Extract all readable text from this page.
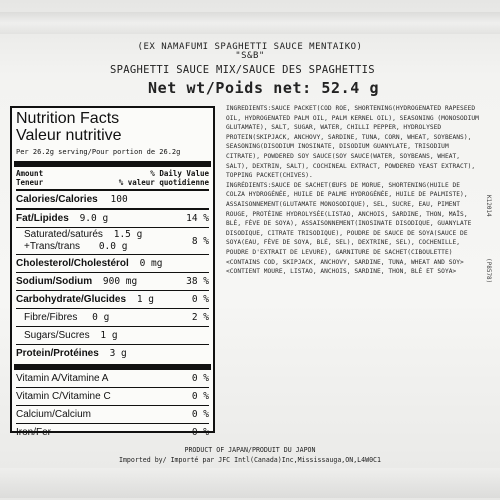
(EX NAMAFUMI SPAGHETTI SAUCE MENTAIKO)
"S&B"
SPAGHETTI SAUCE MIX/SAUCE DES SPAGHETTIS
Net wt/Poids net: 52.4 g
Nutrition Facts
Valeur nutritive
Per 26.2g serving/Pour portion de 26.2g
Amount
Teneur
% Daily Value
% valeur quotidienne
Calories/Calories 100
Fat/Lipides 9.0 g	14 %
Saturated/saturés 1.5 g
+Trans/trans 0.0 g	8 %
Cholesterol/Cholestérol 0 mg
Sodium/Sodium 900 mg	38 %
Carbohydrate/Glucides 1 g	0 %
Fibre/Fibres 0 g	2 %
Sugars/Sucres 1 g
Protein/Protéines 3 g
Vitamin A/Vitamine A	0 %
Vitamin C/Vitamine C	0 %
Calcium/Calcium	0 %
Iron/Fer	0 %

INGREDIENTS:SAUCE PACKET(COD ROE, SHORTENING(HYDROGENATED RAPESEED OIL, HYDROGENATED PALM OIL, PALM KERNEL OIL), SEASONING (MONOSODIUM GLUTAMATE), SALT, SUGAR, WATER, CHILLI PEPPER, HYDROLYSED PROTEIN(SKIPJACK, ANCHOVY, SARDINE, TUNA, CORN, WHEAT, SOYBEANS), SEASONING(DISODIUM INOSINATE, DISODIUM GUANYLATE, TRISODIUM CITRATE), POWDERED SOY SAUCE(SOY SAUCE(WATER, SOYBEANS, WHEAT, SALT), DEXTRIN, SALT), COCHINEAL EXTRACT, POWDERED YEAST EXTRACT), TOPPING PACKET(CHIVES).

INGRÉDIENTS:SAUCE DE SACHET(ŒUFS DE MORUE, SHORTENING(HUILE DE COLZA HYDROGÉNÉE, HUILE DE PALME HYDROGÉNÉE, HUILE DE PALMISTE), ASSAISONNEMENT(GLUTAMATE MONOSODIQUE), SEL, SUCRE, EAU, PIMENT ROUGE, PROTÉINE HYDROLYSÉE(LISTAO, ANCHOIS, SARDINE, THON, MAÏS, BLÉ, FÈVE DE SOYA), ASSAISONNEMENT(INOSINATE DISODIQUE, GUANYLATE DISODIQUE, CITRATE TRISODIQUE), POUDRE DE SAUCE DE SOYA(SAUCE DE SOYA(EAU, FÈVE DE SOYA, BLÉ, SEL), DEXTRINE, SEL), COCHENILLE, POUDRE D'EXTRAIT DE LEVURE), GARNITURE DE SACHET(CIBOULETTE)

<CONTAINS COD, SKIPJACK, ANCHOVY, SARDINE, TUNA, WHEAT AND SOY>

<CONTIENT MOURE, LISTAO, ANCHOIS, SARDINE, THON, BLÉ ET SOYA>

K12014
(P8578)
PRODUCT OF JAPAN/PRODUIT DU JAPON
Imported by/ Importé par JFC Intl(Canada)Inc,Mississauga,ON,L4W0C1
